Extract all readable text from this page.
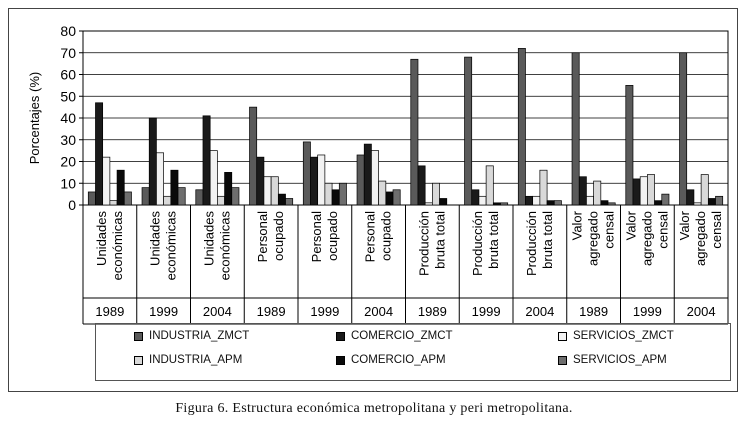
0
10
20
30
40
50
60
70
80
Porcentajes (%)
Unidades económicas
1989
Unidades económicas
1999
Unidades económicas
2004
Personal ocupado
1989
Personal ocupado
1999
Personal ocupado
2004
Producción bruta total
1989
Producción bruta total
1999
Producción bruta total
2004
Valor agregado censal
1989
Valor agregado censal
1999
Valor agregado censal
2004
INDUSTRIA_ZMCT	COMERCIO_ZMCT	SERVICIOS_ZMCT
INDUSTRIA_APM	COMERCIO_APM	SERVICIOS_APM
Figura 6. Estructura económica metropolitana y peri metropolitana.
